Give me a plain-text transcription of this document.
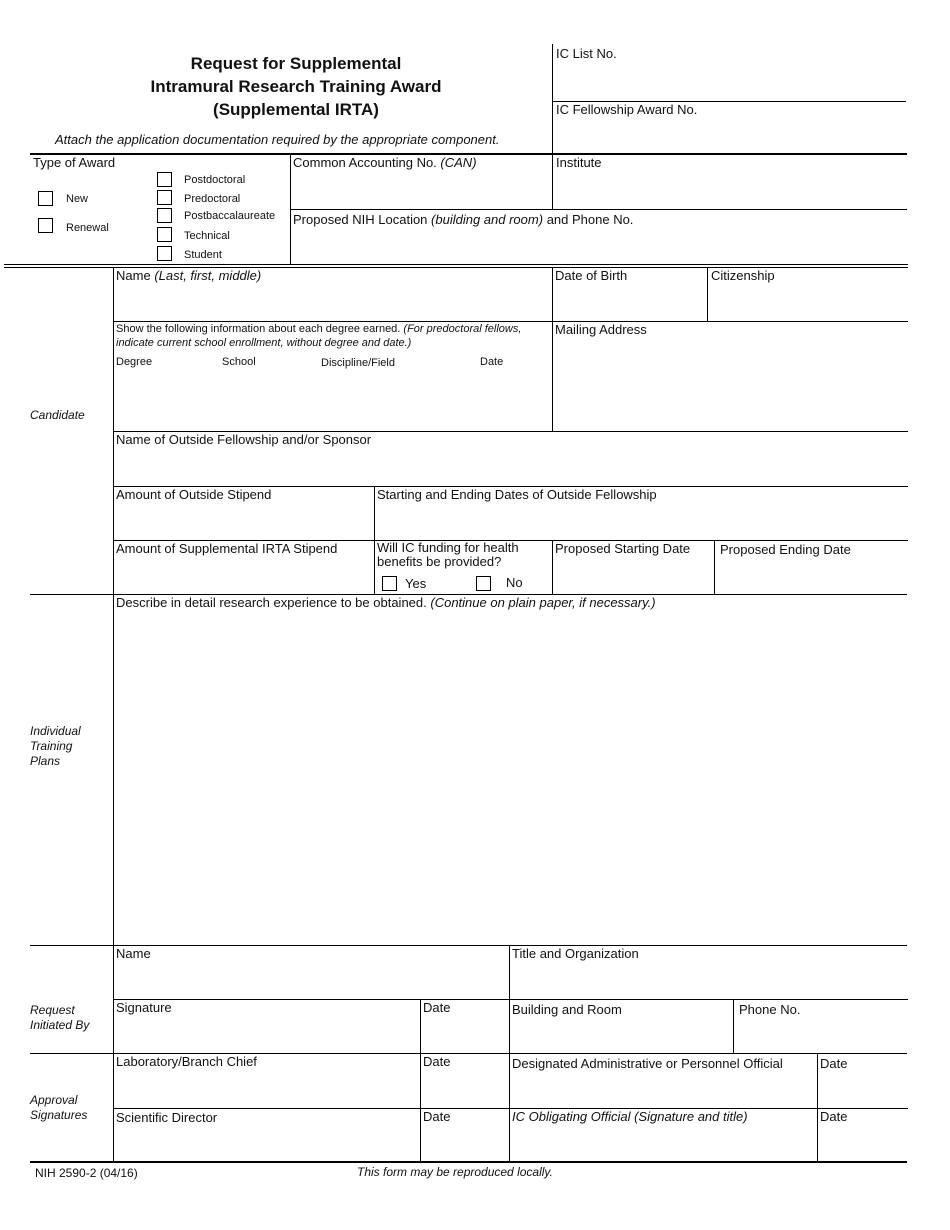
Request for Supplemental
Intramural Research Training Award
(Supplemental IRTA)
Attach the application documentation required by the appropriate component.
IC List No.
IC Fellowship Award No.
Type of Award
New
Renewal
Postdoctoral
Predoctoral
Postbaccalaureate
Technical
Student
Common Accounting No. (CAN)	Institute
Proposed NIH Location (building and room) and Phone No.
Candidate
Name (Last, first, middle)	Date of Birth	Citizenship
Show the following information about each degree earned. (For predoctoral fellows, indicate current school enrollment, without degree and date.)
Degree	School	Discipline/Field	Date
Mailing Address
Name of Outside Fellowship and/or Sponsor
Amount of Outside Stipend	Starting and Ending Dates of Outside Fellowship
Amount of Supplemental IRTA Stipend	Will IC funding for health benefits be provided?
Yes	No
Proposed Starting Date Proposed Ending Date
Individual Training Plans
Describe in detail research experience to be obtained. (Continue on plain paper, if necessary.)
Request Initiated By
Name	Title and Organization
Signature	Date	Building and Room	Phone No.
Approval Signatures
Laboratory/Branch Chief	Date	Designated Administrative or Personnel Official	Date
Scientific Director	Date	IC Obligating Official (Signature and title)	Date
NIH 2590-2 (04/16)	This form may be reproduced locally.
